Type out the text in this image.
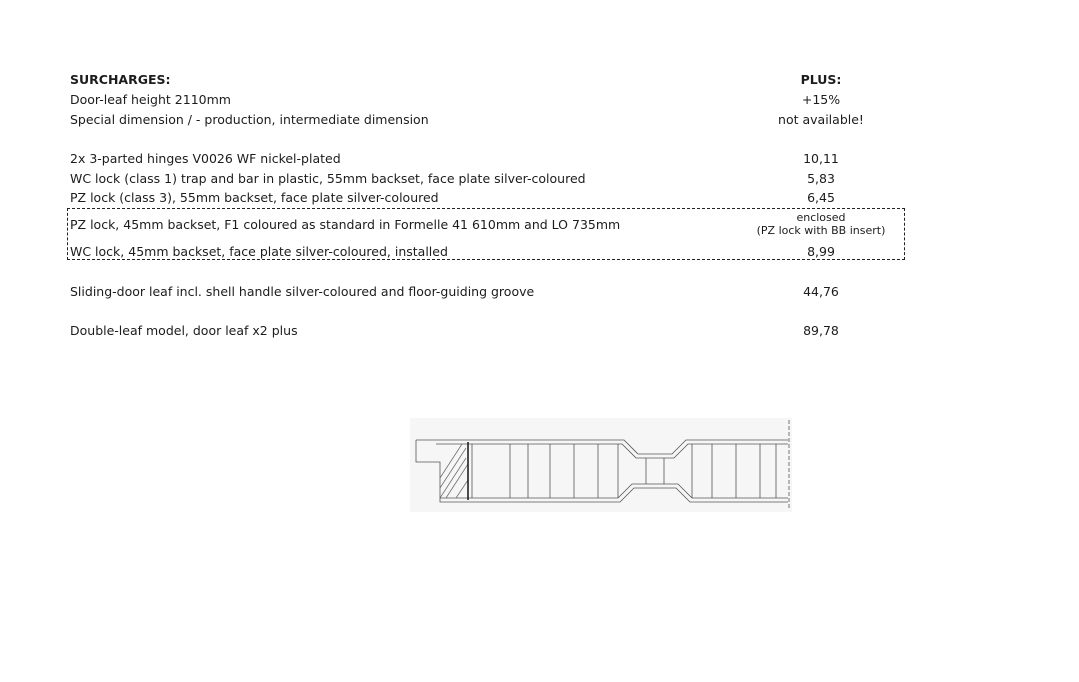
SURCHARGES:	PLUS:
Door-leaf height 2110mm	+15%
Special dimension / - production, intermediate dimension	not available!
2x 3-parted hinges V0026 WF nickel-plated	10,11
WC lock (class 1) trap and bar in plastic, 55mm backset, face plate silver-coloured	5,83
PZ lock (class 3), 55mm backset, face plate silver-coloured	6,45
PZ lock, 45mm backset, F1 coloured as standard in Formelle 41 610mm and LO 735mm	enclosed
(PZ lock with BB insert)
WC lock, 45mm backset, face plate silver-coloured, installed	8,99
Sliding-door leaf incl. shell handle silver-coloured and floor-guiding groove	44,76
Double-leaf model, door leaf x2 plus	89,78
